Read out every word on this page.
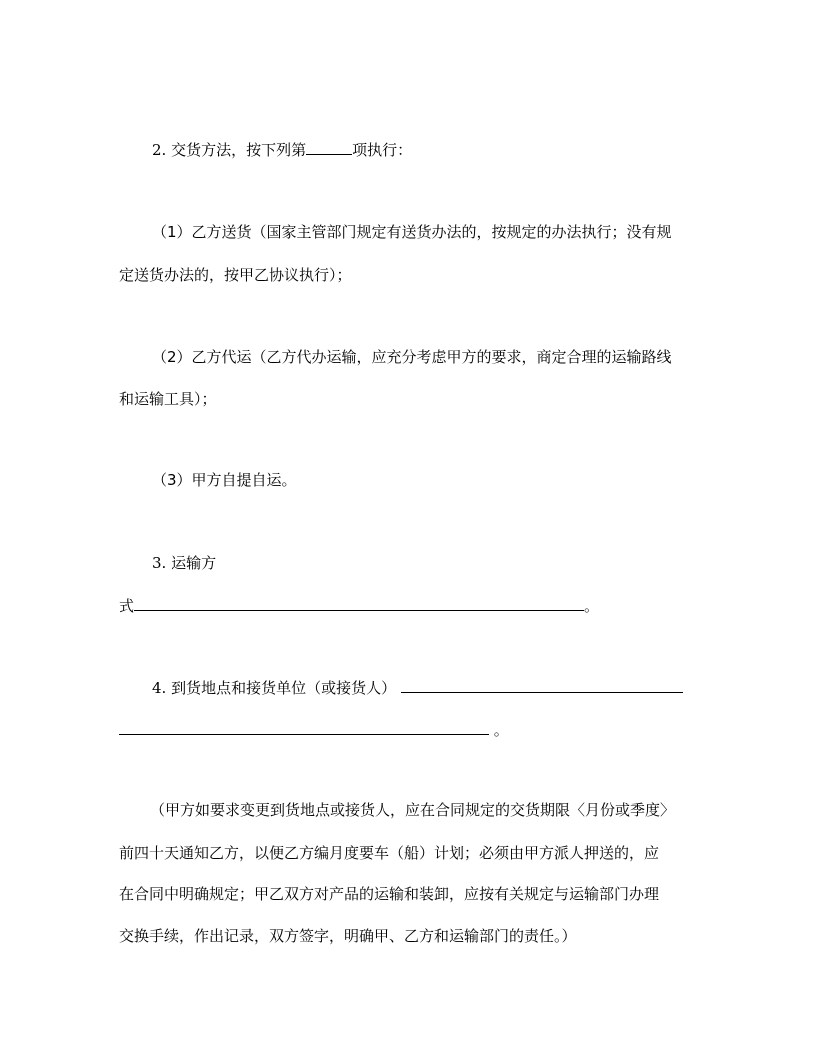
2. 交货方法，按下列第	项执行：
（1）乙方送货（国家主管部门规定有送货办法的，按规定的办法执行；没有规
定送货办法的，按甲乙协议执行）；
（2）乙方代运（乙方代办运输，应充分考虑甲方的要求，商定合理的运输路线
和运输工具）；
（3）甲方自提自运。
3. 运输方
式	。
4. 到货地点和接货单位（或接货人）
。
（甲方如要求变更到货地点或接货人，应在合同规定的交货期限〈月份或季度〉
前四十天通知乙方，以便乙方编月度要车（船）计划；必须由甲方派人押送的，应
在合同中明确规定；甲乙双方对产品的运输和装卸，应按有关规定与运输部门办理
交换手续，作出记录，双方签字，明确甲、乙方和运输部门的责任。）
